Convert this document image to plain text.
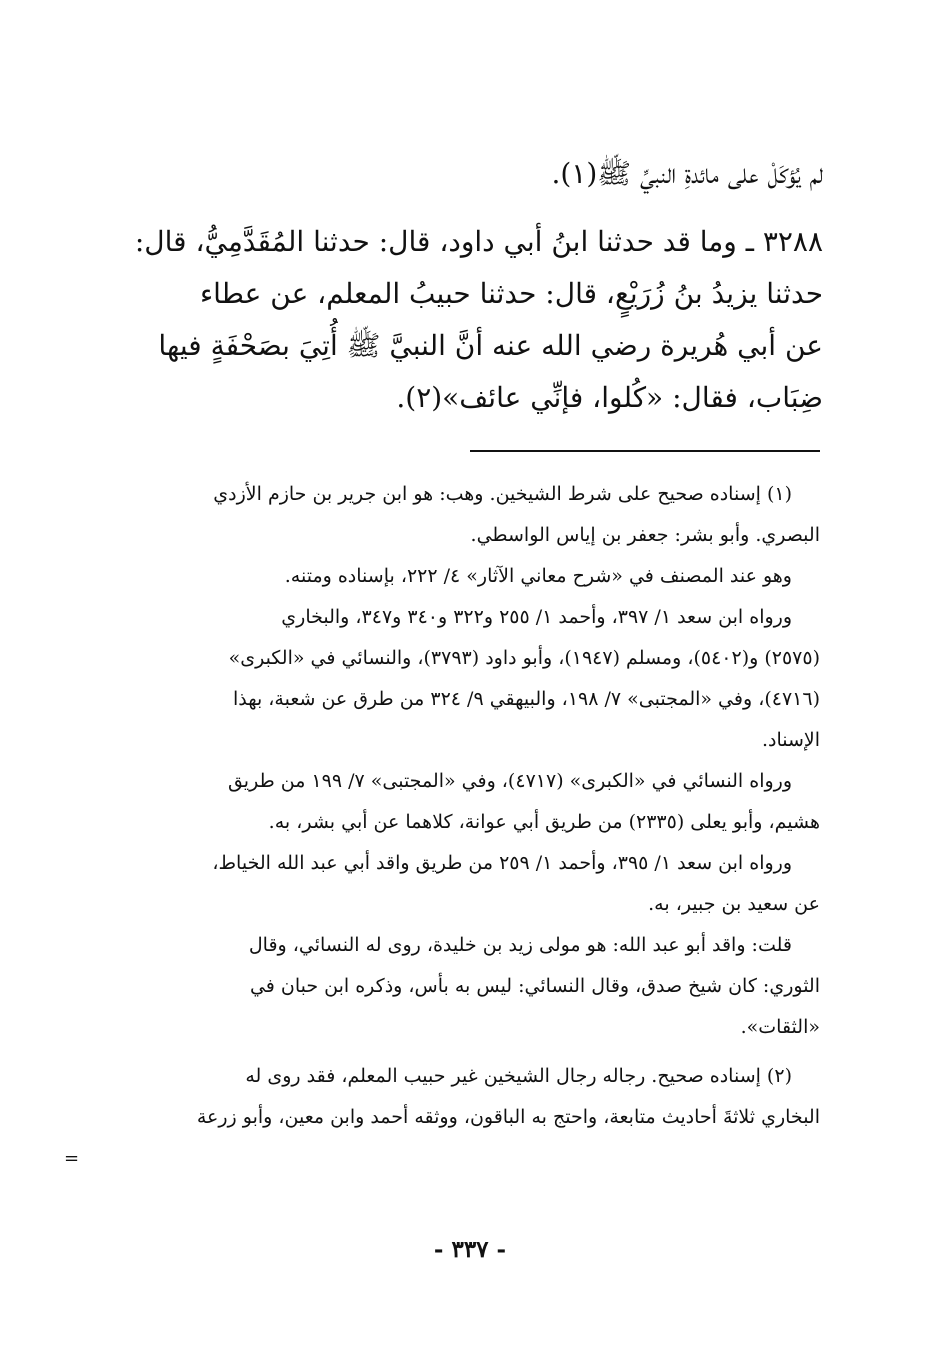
لم يُؤكَلْ على مائدةِ النبيِّ ﷺ(١).
٣٢٨٨ ـ وما قد حدثنا ابنُ أبي داود، قال: حدثنا المُقَدَّمِيُّ، قال:
حدثنا يزيدُ بنُ زُرَيْعٍ، قال: حدثنا حبيبُ المعلم، عن عطاء
عن أبي هُريرة رضي الله عنه أنَّ النبيَّ ﷺ أُتِيَ بصَحْفَةٍ فيها
ضِبَاب، فقال: «كُلوا، فإنِّي عائف»(٢).
(١) إسناده صحيح على شرط الشيخين. وهب: هو ابن جرير بن حازم الأزدي
البصري. وأبو بشر: جعفر بن إياس الواسطي.
وهو عند المصنف في «شرح معاني الآثار» ٤/ ٢٢٢، بإسناده ومتنه.
ورواه ابن سعد ١/ ٣٩٧، وأحمد ١/ ٢٥٥ و٣٢٢ و٣٤٠ و٣٤٧، والبخاري
(٢٥٧٥) و(٥٤٠٢)، ومسلم (١٩٤٧)، وأبو داود (٣٧٩٣)، والنسائي في «الكبرى»
(٤٧١٦)، وفي «المجتبى» ٧/ ١٩٨، والبيهقي ٩/ ٣٢٤ من طرق عن شعبة، بهذا
الإسناد.
ورواه النسائي في «الكبرى» (٤٧١٧)، وفي «المجتبى» ٧/ ١٩٩ من طريق
هشيم، وأبو يعلى (٢٣٣٥) من طريق أبي عوانة، كلاهما عن أبي بشر، به.
ورواه ابن سعد ١/ ٣٩٥، وأحمد ١/ ٢٥٩ من طريق واقد أبي عبد الله الخياط،
عن سعيد بن جبير، به.
قلت: واقد أبو عبد الله: هو مولى زيد بن خليدة، روى له النسائي، وقال
الثوري: كان شيخ صدق، وقال النسائي: ليس به بأس، وذكره ابن حبان في
«الثقات».
(٢) إسناده صحيح. رجاله رجال الشيخين غير حبيب المعلم، فقد روى له
البخاري ثلاثةَ أحاديث متابعة، واحتج به الباقون، ووثقه أحمد وابن معين، وأبو زرعة
=
- ٣٣٧ -
